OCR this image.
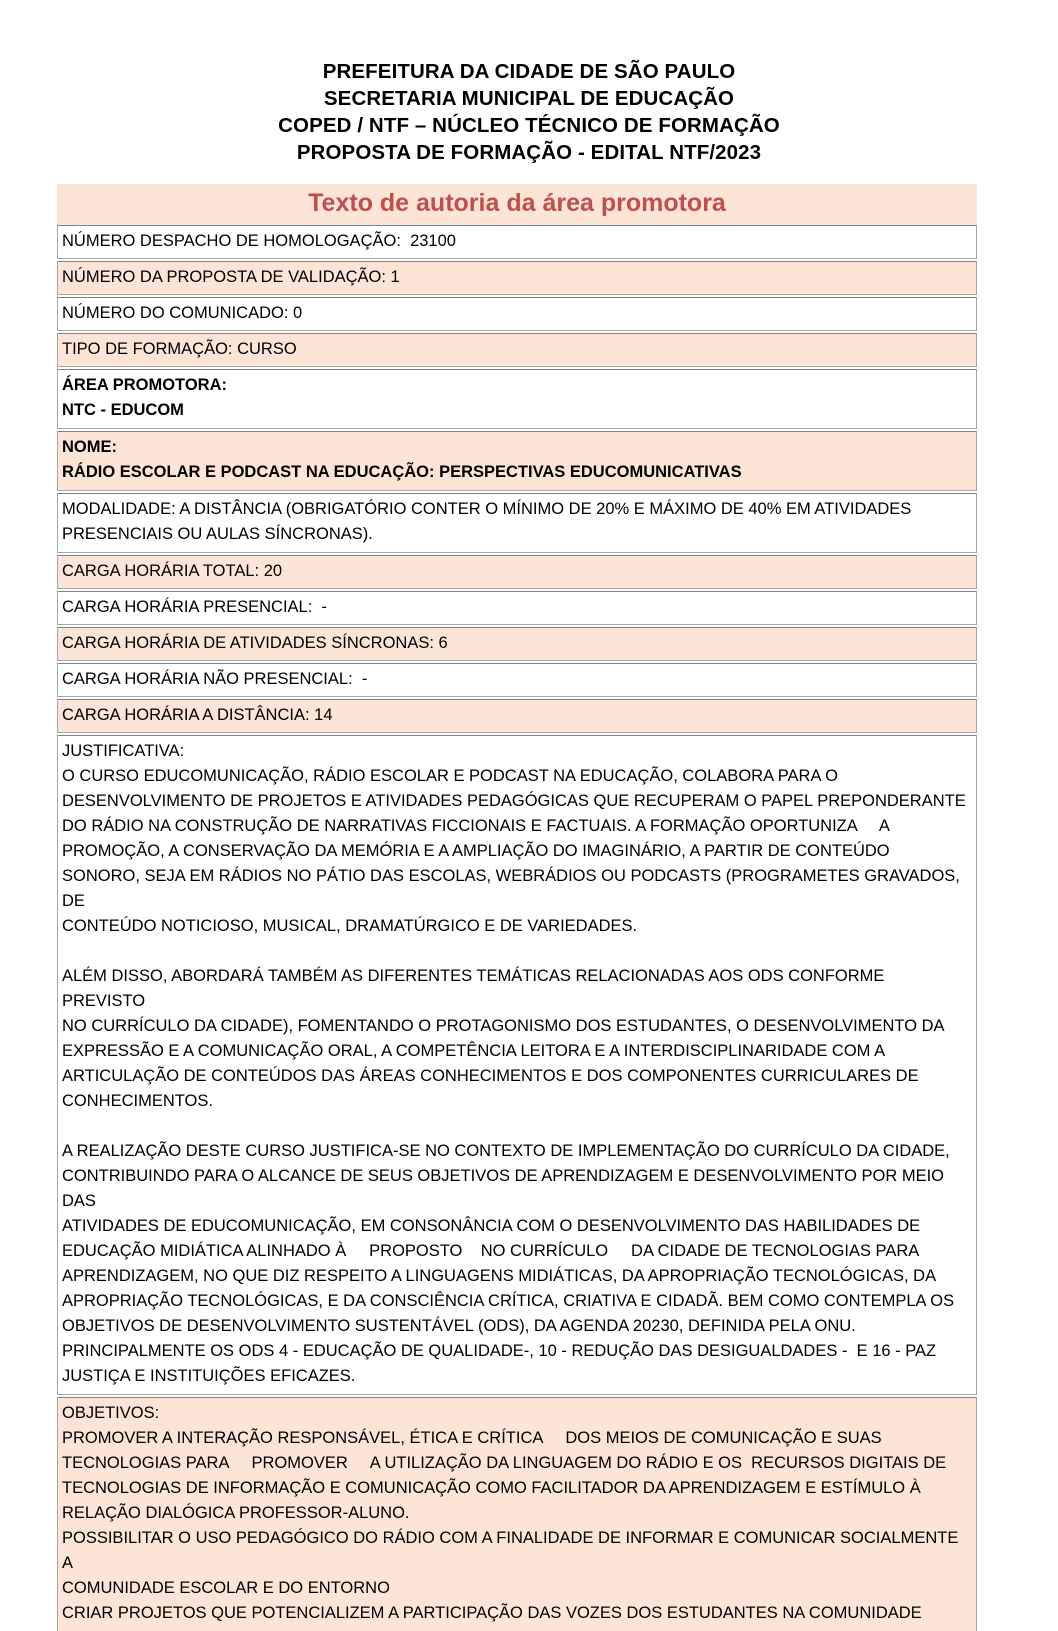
PREFEITURA DA CIDADE DE SÃO PAULO
SECRETARIA MUNICIPAL DE EDUCAÇÃO
COPED / NTF – NÚCLEO TÉCNICO DE FORMAÇÃO
PROPOSTA DE FORMAÇÃO - EDITAL NTF/2023
Texto de autoria da área promotora
NÚMERO DESPACHO DE HOMOLOGAÇÃO:  23100
NÚMERO DA PROPOSTA DE VALIDAÇÃO: 1
NÚMERO DO COMUNICADO: 0
TIPO DE FORMAÇÃO: CURSO
ÁREA PROMOTORA:
NTC - EDUCOM
NOME:
RÁDIO ESCOLAR E PODCAST NA EDUCAÇÃO: PERSPECTIVAS EDUCOMUNICATIVAS
MODALIDADE: A DISTÂNCIA (OBRIGATÓRIO CONTER O MÍNIMO DE 20% E MÁXIMO DE 40% EM ATIVIDADES
PRESENCIAIS OU AULAS SÍNCRONAS).
CARGA HORÁRIA TOTAL: 20
CARGA HORÁRIA PRESENCIAL:  -
CARGA HORÁRIA DE ATIVIDADES SÍNCRONAS: 6
CARGA HORÁRIA NÃO PRESENCIAL:  -
CARGA HORÁRIA A DISTÂNCIA: 14
JUSTIFICATIVA:
O CURSO EDUCOMUNICAÇÃO, RÁDIO ESCOLAR E PODCAST NA EDUCAÇÃO, COLABORA PARA O
DESENVOLVIMENTO DE PROJETOS E ATIVIDADES PEDAGÓGICAS QUE RECUPERAM O PAPEL PREPONDERANTE
DO RÁDIO NA CONSTRUÇÃO DE NARRATIVAS FICCIONAIS E FACTUAIS. A FORMAÇÃO OPORTUNIZA     A
PROMOÇÃO, A CONSERVAÇÃO DA MEMÓRIA E A AMPLIAÇÃO DO IMAGINÁRIO, A PARTIR DE CONTEÚDO
SONORO, SEJA EM RÁDIOS NO PÁTIO DAS ESCOLAS, WEBRÁDIOS OU PODCASTS (PROGRAMETES GRAVADOS, DE
CONTEÚDO NOTICIOSO, MUSICAL, DRAMATÚRGICO E DE VARIEDADES.
ALÉM DISSO, ABORDARÁ TAMBÉM AS DIFERENTES TEMÁTICAS RELACIONADAS AOS ODS CONFORME PREVISTO
NO CURRÍCULO DA CIDADE), FOMENTANDO O PROTAGONISMO DOS ESTUDANTES, O DESENVOLVIMENTO DA
EXPRESSÃO E A COMUNICAÇÃO ORAL, A COMPETÊNCIA LEITORA E A INTERDISCIPLINARIDADE COM A
ARTICULAÇÃO DE CONTEÚDOS DAS ÁREAS CONHECIMENTOS E DOS COMPONENTES CURRICULARES DE
CONHECIMENTOS.
A REALIZAÇÃO DESTE CURSO JUSTIFICA-SE NO CONTEXTO DE IMPLEMENTAÇÃO DO CURRÍCULO DA CIDADE,
CONTRIBUINDO PARA O ALCANCE DE SEUS OBJETIVOS DE APRENDIZAGEM E DESENVOLVIMENTO POR MEIO DAS
ATIVIDADES DE EDUCOMUNICAÇÃO, EM CONSONÂNCIA COM O DESENVOLVIMENTO DAS HABILIDADES DE
EDUCAÇÃO MIDIÁTICA ALINHADO À     PROPOSTO    NO CURRÍCULO     DA CIDADE DE TECNOLOGIAS PARA
APRENDIZAGEM, NO QUE DIZ RESPEITO A LINGUAGENS MIDIÁTICAS, DA APROPRIAÇÃO TECNOLÓGICAS, DA
APROPRIAÇÃO TECNOLÓGICAS, E DA CONSCIÊNCIA CRÍTICA, CRIATIVA E CIDADÃ. BEM COMO CONTEMPLA OS
OBJETIVOS DE DESENVOLVIMENTO SUSTENTÁVEL (ODS), DA AGENDA 20230, DEFINIDA PELA ONU.
PRINCIPALMENTE OS ODS 4 - EDUCAÇÃO DE QUALIDADE-, 10 - REDUÇÃO DAS DESIGUALDADES -  E 16 - PAZ
JUSTIÇA E INSTITUIÇÕES EFICAZES.
OBJETIVOS:
PROMOVER A INTERAÇÃO RESPONSÁVEL, ÉTICA E CRÍTICA     DOS MEIOS DE COMUNICAÇÃO E SUAS
TECNOLOGIAS PARA     PROMOVER     A UTILIZAÇÃO DA LINGUAGEM DO RÁDIO E OS  RECURSOS DIGITAIS DE
TECNOLOGIAS DE INFORMAÇÃO E COMUNICAÇÃO COMO FACILITADOR DA APRENDIZAGEM E ESTÍMULO À
RELAÇÃO DIALÓGICA PROFESSOR-ALUNO.
POSSIBILITAR O USO PEDAGÓGICO DO RÁDIO COM A FINALIDADE DE INFORMAR E COMUNICAR SOCIALMENTE A
COMUNIDADE ESCOLAR E DO ENTORNO
CRIAR PROJETOS QUE POTENCIALIZEM A PARTICIPAÇÃO DAS VOZES DOS ESTUDANTES NA COMUNIDADE
